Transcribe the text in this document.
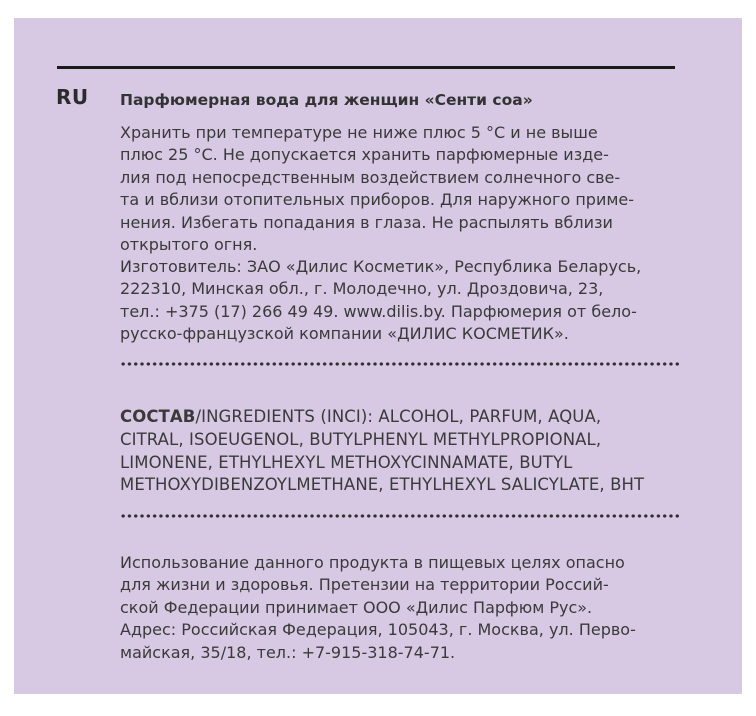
RU Парфюмерная вода для женщин «Сенти соа»
Хранить при температуре не ниже плюс 5 °С и не выше
плюс 25 °С. Не допускается хранить парфюмерные изде-
лия под непосредственным воздействием солнечного све-
та и вблизи отопительных приборов. Для наружного приме-
нения. Избегать попадания в глаза. Не распылять вблизи
открытого огня.
Изготовитель: ЗАО «Дилис Косметик», Республика Беларусь,
222310, Минская обл., г. Молодечно, ул. Дроздовича, 23,
тел.: +375 (17) 266 49 49. www.dilis.by. Парфюмерия от бело-
русско-французской компании «ДИЛИС КОСМЕТИК».
СОСТАВ/INGREDIENTS (INCI): ALCOHOL, PARFUM, AQUA,
CITRAL, ISOEUGENOL, BUTYLPHENYL METHYLPROPIONAL,
LIMONENE, ETHYLHEXYL METHOXYCINNAMATE, BUTYL
METHOXYDIBENZOYLMETHANE, ETHYLHEXYL SALICYLATE, BHT
Использование данного продукта в пищевых целях опасно
для жизни и здоровья. Претензии на территории Россий-
ской Федерации принимает ООО «Дилис Парфюм Рус».
Адрес: Российская Федерация, 105043, г. Москва, ул. Перво-
майская, 35/18, тел.: +7-915-318-74-71.
